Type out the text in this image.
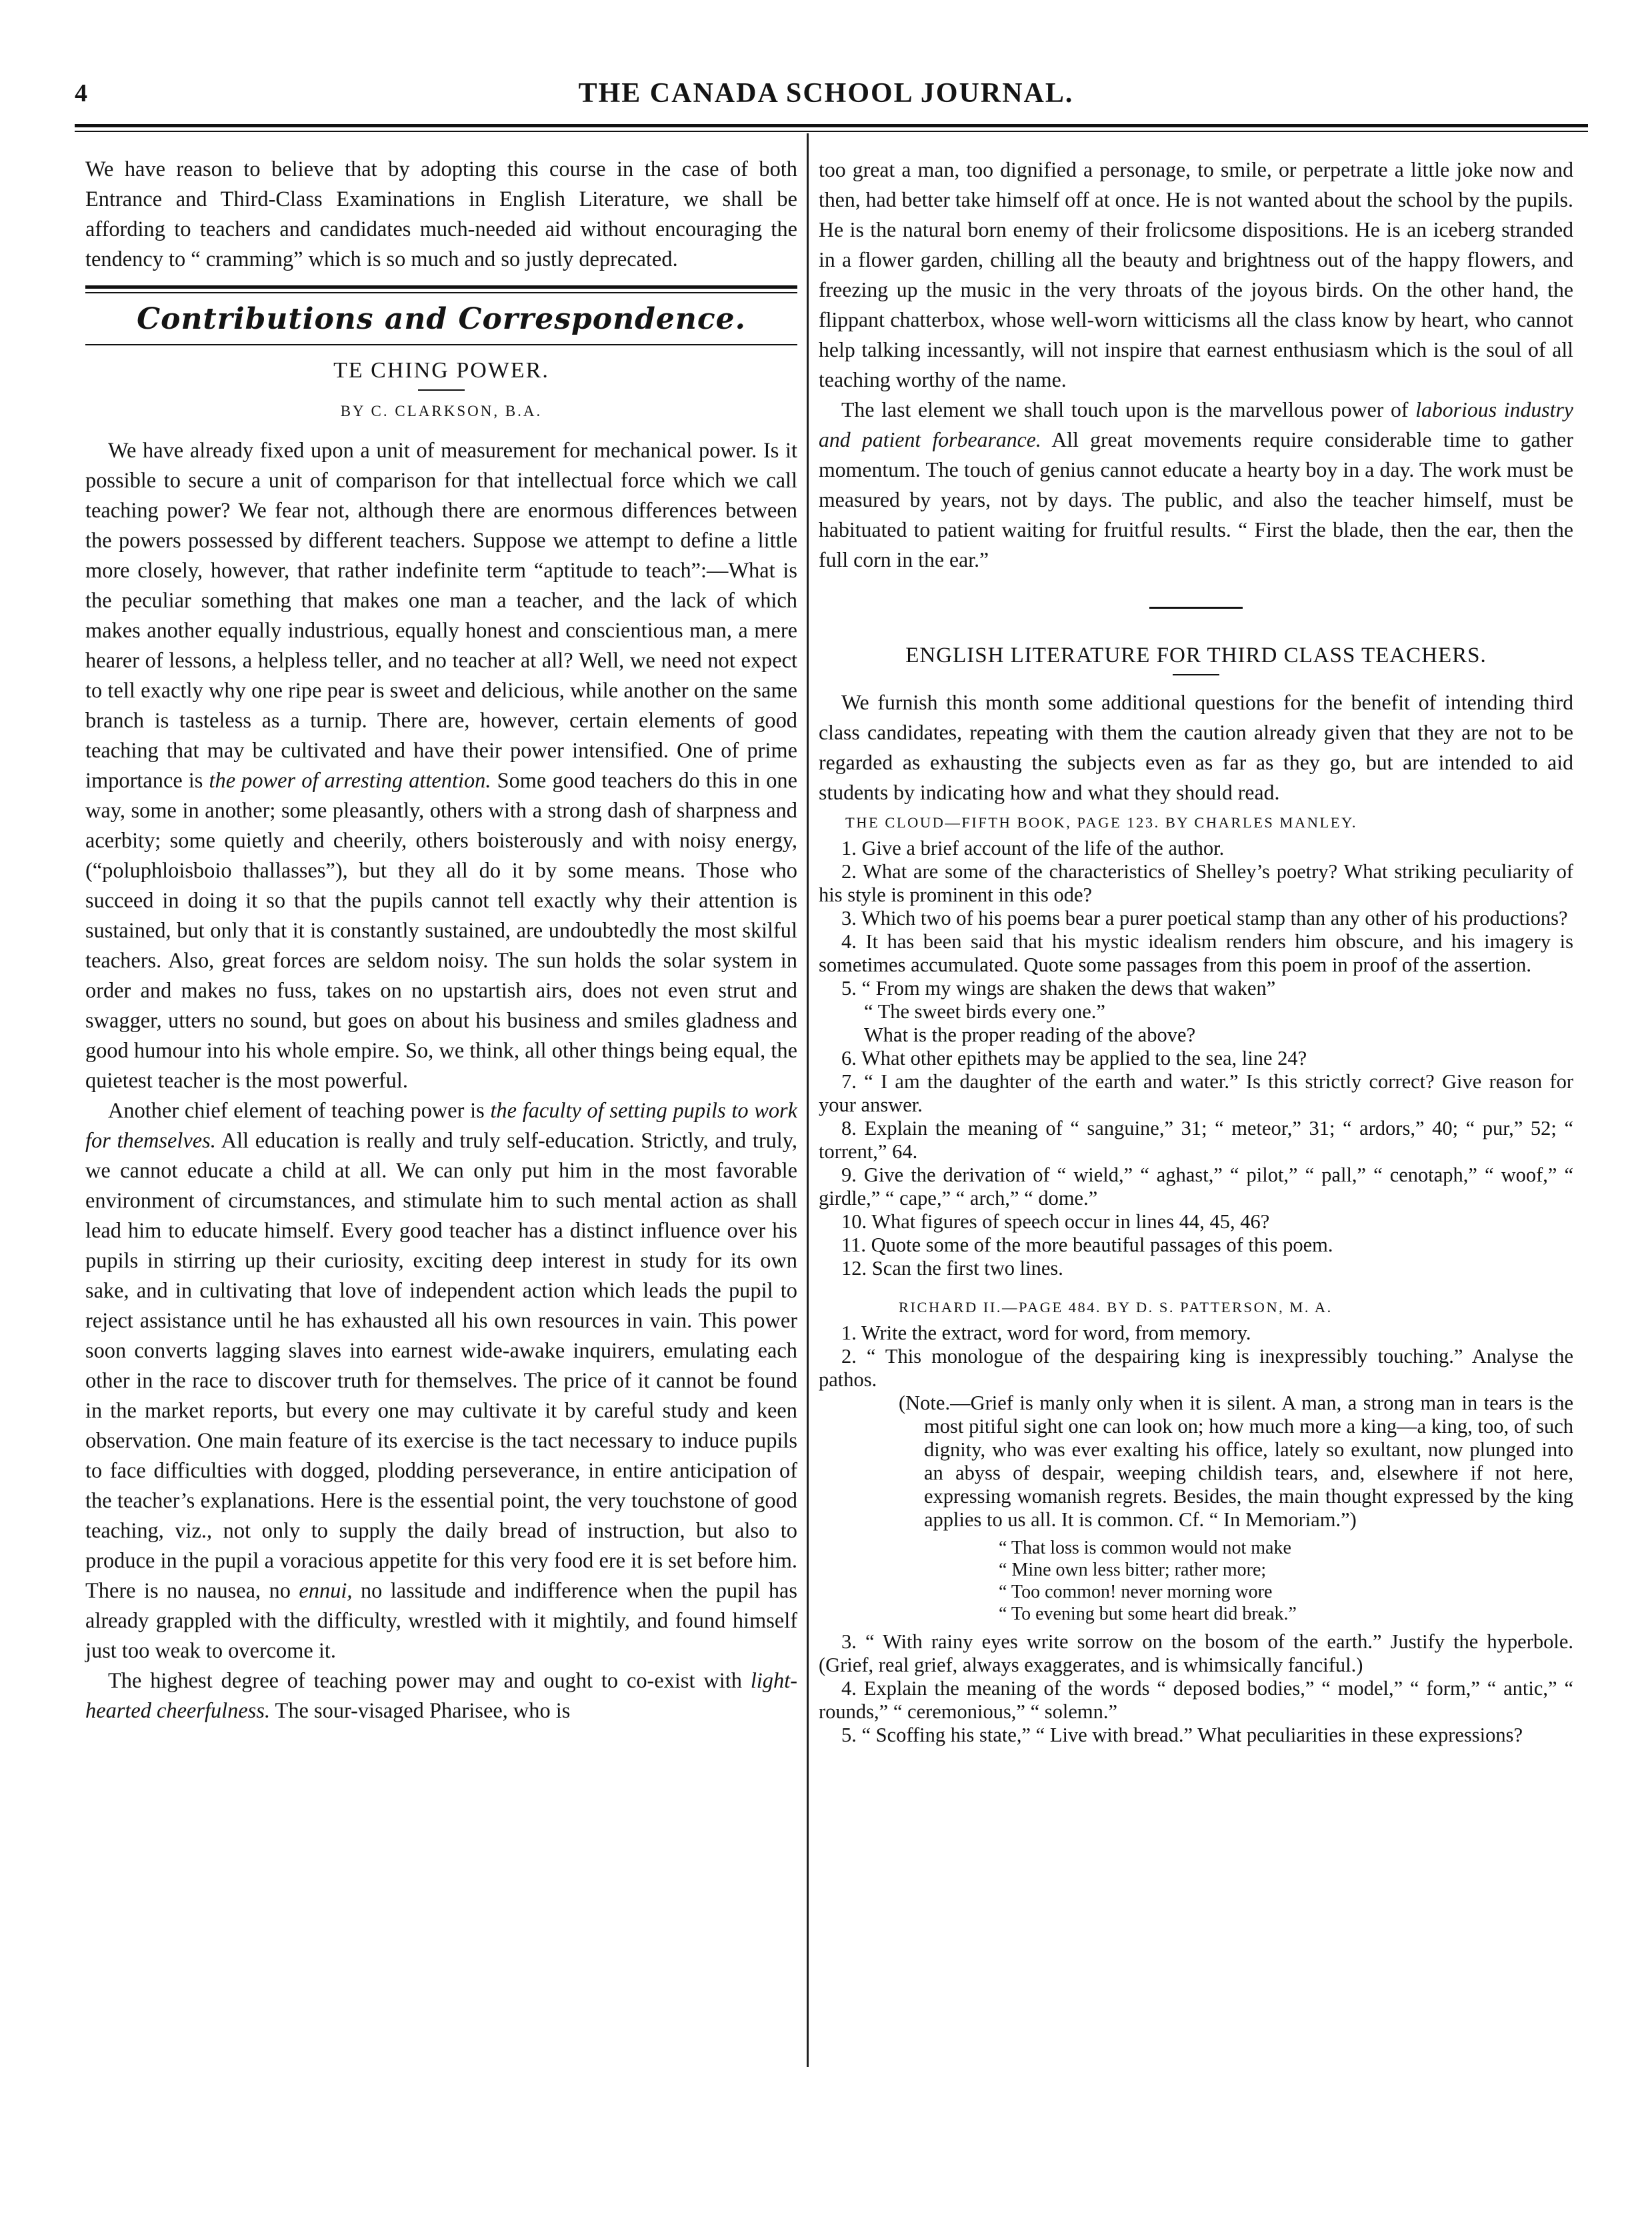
4	THE CANADA SCHOOL JOURNAL.

We have reason to believe that by adopting this course in the case of both Entrance and Third-Class Examinations in English Literature, we shall be affording to teachers and candidates much-needed aid without encouraging the tendency to “ cramming” which is so much and so justly deprecated.

Contributions and Correspondence.
TE CHING POWER.
BY C. CLARKSON, B.A.

We have already fixed upon a unit of measurement for mechanical power. Is it possible to secure a unit of comparison for that intellectual force which we call teaching power? We fear not, although there are enormous differences between the powers possessed by different teachers. Suppose we attempt to define a little more closely, however, that rather indefinite term “aptitude to teach”:—What is the peculiar something that makes one man a teacher, and the lack of which makes another equally industrious, equally honest and conscientious man, a mere hearer of lessons, a helpless teller, and no teacher at all? Well, we need not expect to tell exactly why one ripe pear is sweet and delicious, while another on the same branch is tasteless as a turnip. There are, however, certain elements of good teaching that may be cultivated and have their power intensified. One of prime importance is the power of arresting attention. Some good teachers do this in one way, some in another; some pleasantly, others with a strong dash of sharpness and acerbity; some quietly and cheerily, others boisterously and with noisy energy, (“poluphloisboio thallasses”), but they all do it by some means. Those who succeed in doing it so that the pupils cannot tell exactly why their attention is sustained, but only that it is constantly sustained, are undoubtedly the most skilful teachers. Also, great forces are seldom noisy. The sun holds the solar system in order and makes no fuss, takes on no upstartish airs, does not even strut and swagger, utters no sound, but goes on about his business and smiles gladness and good humour into his whole empire. So, we think, all other things being equal, the quietest teacher is the most powerful.

Another chief element of teaching power is the faculty of setting pupils to work for themselves. All education is really and truly self-education. Strictly, and truly, we cannot educate a child at all. We can only put him in the most favorable environment of circumstances, and stimulate him to such mental action as shall lead him to educate himself. Every good teacher has a distinct influence over his pupils in stirring up their curiosity, exciting deep interest in study for its own sake, and in cultivating that love of independent action which leads the pupil to reject assistance until he has exhausted all his own resources in vain. This power soon converts lagging slaves into earnest wide-awake inquirers, emulating each other in the race to discover truth for themselves. The price of it cannot be found in the market reports, but every one may cultivate it by careful study and keen observation. One main feature of its exercise is the tact necessary to induce pupils to face difficulties with dogged, plodding perseverance, in entire anticipation of the teacher’s explanations. Here is the essential point, the very touchstone of good teaching, viz., not only to supply the daily bread of instruction, but also to produce in the pupil a voracious appetite for this very food ere it is set before him. There is no nausea, no ennui, no lassitude and indifference when the pupil has already grappled with the difficulty, wrestled with it mightily, and found himself just too weak to overcome it.

The highest degree of teaching power may and ought to co-exist with light-hearted cheerfulness. The sour-visaged Pharisee, who is

too great a man, too dignified a personage, to smile, or perpetrate a little joke now and then, had better take himself off at once. He is not wanted about the school by the pupils. He is the natural born enemy of their frolicsome dispositions. He is an iceberg stranded in a flower garden, chilling all the beauty and brightness out of the happy flowers, and freezing up the music in the very throats of the joyous birds. On the other hand, the flippant chatterbox, whose well-worn witticisms all the class know by heart, who cannot help talking incessantly, will not inspire that earnest enthusiasm which is the soul of all teaching worthy of the name.

The last element we shall touch upon is the marvellous power of laborious industry and patient forbearance. All great movements require considerable time to gather momentum. The touch of genius cannot educate a hearty boy in a day. The work must be measured by years, not by days. The public, and also the teacher himself, must be habituated to patient waiting for fruitful results. “ First the blade, then the ear, then the full corn in the ear.”

ENGLISH LITERATURE FOR THIRD CLASS TEACHERS.

We furnish this month some additional questions for the benefit of intending third class candidates, repeating with them the caution already given that they are not to be regarded as exhausting the subjects even as far as they go, but are intended to aid students by indicating how and what they should read.

THE CLOUD—FIFTH BOOK, PAGE 123. BY CHARLES MANLEY.

1. Give a brief account of the life of the author.

2. What are some of the characteristics of Shelley’s poetry? What striking peculiarity of his style is prominent in this ode?

3. Which two of his poems bear a purer poetical stamp than any other of his productions?

4. It has been said that his mystic idealism renders him obscure, and his imagery is sometimes accumulated. Quote some passages from this poem in proof of the assertion.

5. “ From my wings are shaken the dews that waken”

“ The sweet birds every one.”

What is the proper reading of the above?

6. What other epithets may be applied to the sea, line 24?

7. “ I am the daughter of the earth and water.” Is this strictly correct? Give reason for your answer.

8. Explain the meaning of “ sanguine,” 31; “ meteor,” 31; “ ardors,” 40; “ pur,” 52; “ torrent,” 64.

9. Give the derivation of “ wield,” “ aghast,” “ pilot,” “ pall,” “ cenotaph,” “ woof,” “ girdle,” “ cape,” “ arch,” “ dome.”

10. What figures of speech occur in lines 44, 45, 46?

11. Quote some of the more beautiful passages of this poem.

12. Scan the first two lines.

RICHARD II.—PAGE 484. BY D. S. PATTERSON, M. A.

1. Write the extract, word for word, from memory.

2. “ This monologue of the despairing king is inexpressibly touching.” Analyse the pathos.

(Note.—Grief is manly only when it is silent. A man, a strong man in tears is the most pitiful sight one can look on; how much more a king—a king, too, of such dignity, who was ever exalting his office, lately so exultant, now plunged into an abyss of despair, weeping childish tears, and, elsewhere if not here, expressing womanish regrets. Besides, the main thought expressed by the king applies to us all. It is common. Cf. “ In Memoriam.”)

“ That loss is common would not make

“ Mine own less bitter; rather more;

“ Too common! never morning wore

“ To evening but some heart did break.”

3. “ With rainy eyes write sorrow on the bosom of the earth.” Justify the hyperbole. (Grief, real grief, always exaggerates, and is whimsically fanciful.)

4. Explain the meaning of the words “ deposed bodies,” “ model,” “ form,” “ antic,” “ rounds,” “ ceremonious,” “ solemn.”

5. “ Scoffing his state,” “ Live with bread.” What peculiarities in these expressions?
